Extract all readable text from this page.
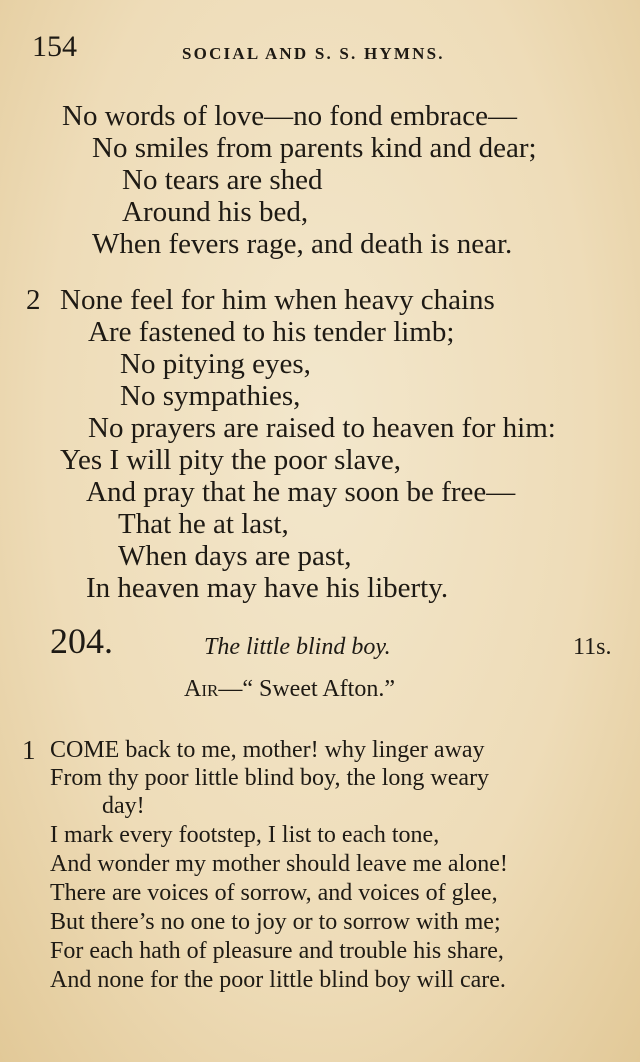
154	SOCIAL AND S. S. HYMNS.
No words of love—no fond embrace—
No smiles from parents kind and dear;
No tears are shed
Around his bed,
When fevers rage, and death is near.
2 None feel for him when heavy chains
Are fastened to his tender limb;
No pitying eyes,
No sympathies,
No prayers are raised to heaven for him:
Yes I will pity the poor slave,
And pray that he may soon be free—
That he at last,
When days are past,
In heaven may have his liberty.
204.	The little blind boy.	11s.
Air—“ Sweet Afton.”
1 COME back to me, mother! why linger away
From thy poor little blind boy, the long weary
day!
I mark every footstep, I list to each tone,
And wonder my mother should leave me alone!
There are voices of sorrow, and voices of glee,
But there’s no one to joy or to sorrow with me;
For each hath of pleasure and trouble his share,
And none for the poor little blind boy will care.
